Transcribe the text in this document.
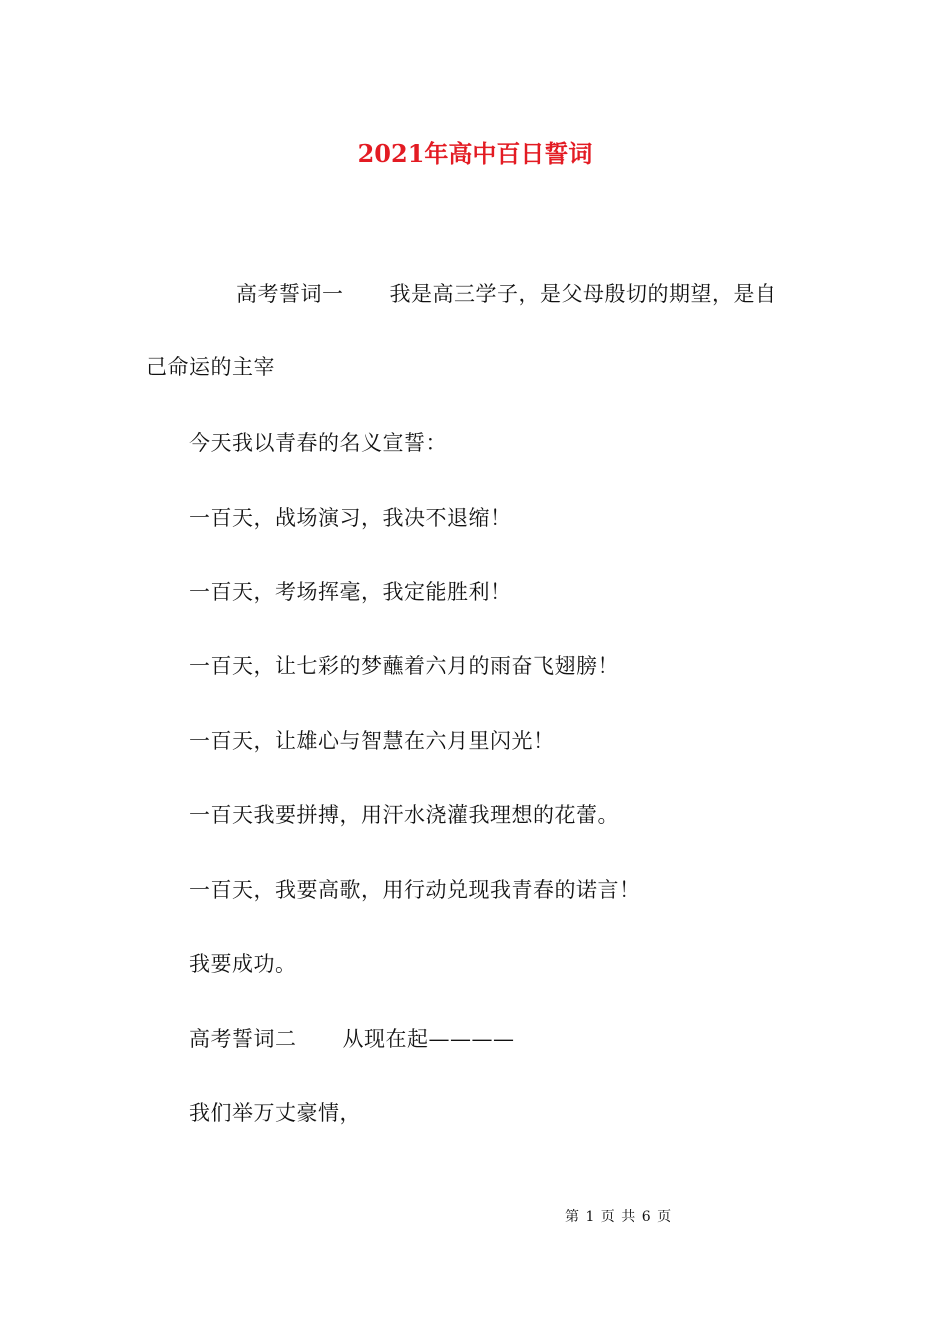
2021年高中百日誓词
高考誓词一 我是高三学子，是父母殷切的期望，是自
己命运的主宰
今天我以青春的名义宣誓：
一百天，战场演习，我决不退缩！
一百天，考场挥毫，我定能胜利！
一百天，让七彩的梦蘸着六月的雨奋飞翅膀！
一百天，让雄心与智慧在六月里闪光！
一百天我要拼搏，用汗水浇灌我理想的花蕾。
一百天，我要高歌，用行动兑现我青春的诺言！
我要成功。
高考誓词二 从现在起————
我们举万丈豪情，
第 1 页 共 6 页
